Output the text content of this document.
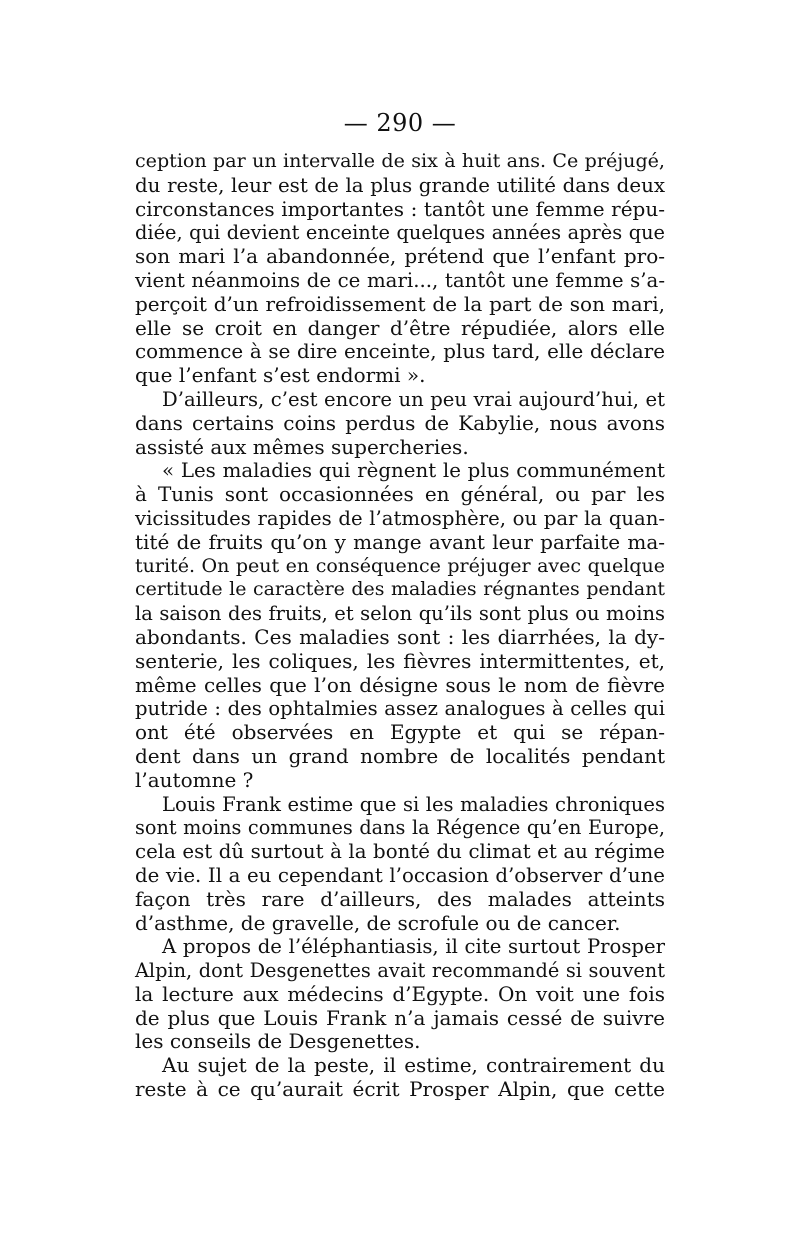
— 290 —
ception par un intervalle de six à huit ans. Ce préjugé,
du reste, leur est de la plus grande utilité dans deux
circonstances importantes : tantôt une femme répu-
diée, qui devient enceinte quelques années après que
son mari l’a abandonnée, prétend que l’enfant pro-
vient néanmoins de ce mari..., tantôt une femme s’a-
perçoit d’un refroidissement de la part de son mari,
elle se croit en danger d’être répudiée, alors elle
commence à se dire enceinte, plus tard, elle déclare
que l’enfant s’est endormi ».
D’ailleurs, c’est encore un peu vrai aujourd’hui, et
dans certains coins perdus de Kabylie, nous avons
assisté aux mêmes supercheries.
« Les maladies qui règnent le plus communément
à Tunis sont occasionnées en général, ou par les
vicissitudes rapides de l’atmosphère, ou par la quan-
tité de fruits qu’on y mange avant leur parfaite ma-
turité. On peut en conséquence préjuger avec quelque
certitude le caractère des maladies régnantes pendant
la saison des fruits, et selon qu’ils sont plus ou moins
abondants. Ces maladies sont : les diarrhées, la dy-
senterie, les coliques, les fièvres intermittentes, et,
même celles que l’on désigne sous le nom de fièvre
putride : des ophtalmies assez analogues à celles qui
ont été observées en Egypte et qui se répan-
dent dans un grand nombre de localités pendant
l’automne ?
Louis Frank estime que si les maladies chroniques
sont moins communes dans la Régence qu’en Europe,
cela est dû surtout à la bonté du climat et au régime
de vie. Il a eu cependant l’occasion d’observer d’une
façon très rare d’ailleurs, des malades atteints
d’asthme, de gravelle, de scrofule ou de cancer.
A propos de l’éléphantiasis, il cite surtout Prosper
Alpin, dont Desgenettes avait recommandé si souvent
la lecture aux médecins d’Egypte. On voit une fois
de plus que Louis Frank n’a jamais cessé de suivre
les conseils de Desgenettes.
Au sujet de la peste, il estime, contrairement du
reste à ce qu’aurait écrit Prosper Alpin, que cette
